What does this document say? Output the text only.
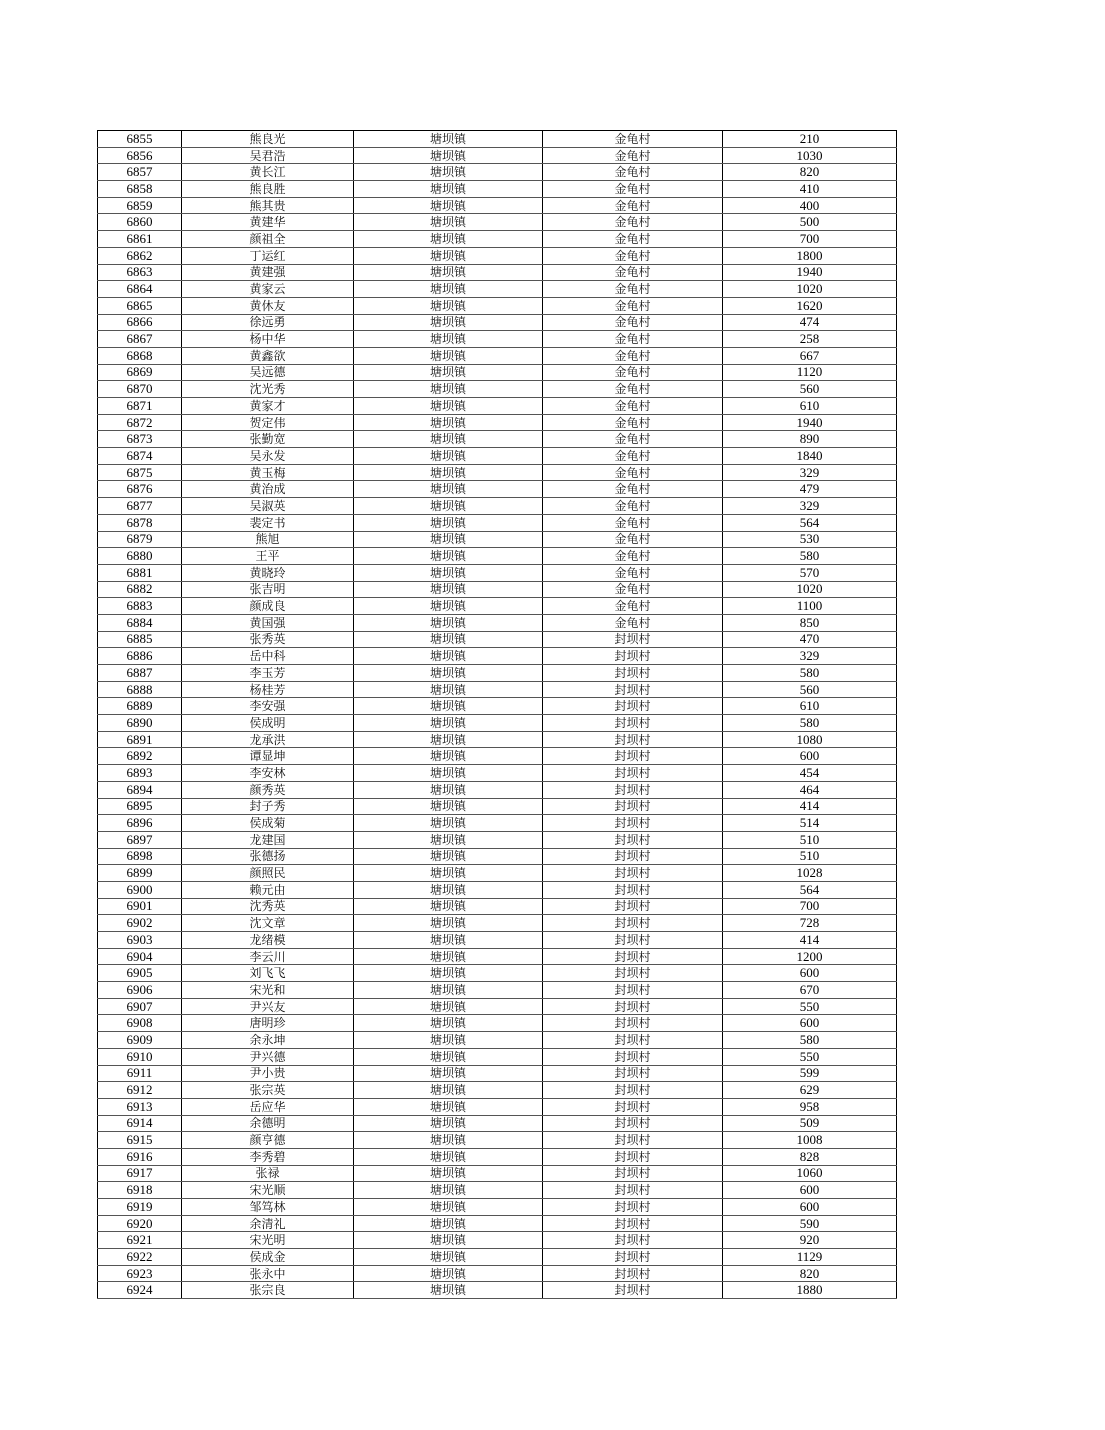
6855	熊良光	塘坝镇	金龟村	210
6856	吴君浩	塘坝镇	金龟村	1030
6857	黄长江	塘坝镇	金龟村	820
6858	熊良胜	塘坝镇	金龟村	410
6859	熊其贵	塘坝镇	金龟村	400
6860	黄建华	塘坝镇	金龟村	500
6861	颜祖全	塘坝镇	金龟村	700
6862	丁运红	塘坝镇	金龟村	1800
6863	黄建强	塘坝镇	金龟村	1940
6864	黄家云	塘坝镇	金龟村	1020
6865	黄休友	塘坝镇	金龟村	1620
6866	徐远勇	塘坝镇	金龟村	474
6867	杨中华	塘坝镇	金龟村	258
6868	黄鑫欲	塘坝镇	金龟村	667
6869	吴远德	塘坝镇	金龟村	1120
6870	沈光秀	塘坝镇	金龟村	560
6871	黄家才	塘坝镇	金龟村	610
6872	贺定伟	塘坝镇	金龟村	1940
6873	张勤宽	塘坝镇	金龟村	890
6874	吴永发	塘坝镇	金龟村	1840
6875	黄玉梅	塘坝镇	金龟村	329
6876	黄治成	塘坝镇	金龟村	479
6877	吴淑英	塘坝镇	金龟村	329
6878	裴定书	塘坝镇	金龟村	564
6879	熊旭	塘坝镇	金龟村	530
6880	王平	塘坝镇	金龟村	580
6881	黄晓玲	塘坝镇	金龟村	570
6882	张吉明	塘坝镇	金龟村	1020
6883	颜成良	塘坝镇	金龟村	1100
6884	黄国强	塘坝镇	金龟村	850
6885	张秀英	塘坝镇	封坝村	470
6886	岳中科	塘坝镇	封坝村	329
6887	李玉芳	塘坝镇	封坝村	580
6888	杨桂芳	塘坝镇	封坝村	560
6889	李安强	塘坝镇	封坝村	610
6890	侯成明	塘坝镇	封坝村	580
6891	龙承洪	塘坝镇	封坝村	1080
6892	谭显坤	塘坝镇	封坝村	600
6893	李安林	塘坝镇	封坝村	454
6894	颜秀英	塘坝镇	封坝村	464
6895	封子秀	塘坝镇	封坝村	414
6896	侯成菊	塘坝镇	封坝村	514
6897	龙建国	塘坝镇	封坝村	510
6898	张德扬	塘坝镇	封坝村	510
6899	颜照民	塘坝镇	封坝村	1028
6900	赖元由	塘坝镇	封坝村	564
6901	沈秀英	塘坝镇	封坝村	700
6902	沈文章	塘坝镇	封坝村	728
6903	龙绪模	塘坝镇	封坝村	414
6904	李云川	塘坝镇	封坝村	1200
6905	刘飞飞	塘坝镇	封坝村	600
6906	宋光和	塘坝镇	封坝村	670
6907	尹兴友	塘坝镇	封坝村	550
6908	唐明珍	塘坝镇	封坝村	600
6909	余永坤	塘坝镇	封坝村	580
6910	尹兴德	塘坝镇	封坝村	550
6911	尹小贵	塘坝镇	封坝村	599
6912	张宗英	塘坝镇	封坝村	629
6913	岳应华	塘坝镇	封坝村	958
6914	余德明	塘坝镇	封坝村	509
6915	颜亨德	塘坝镇	封坝村	1008
6916	李秀碧	塘坝镇	封坝村	828
6917	张禄	塘坝镇	封坝村	1060
6918	宋光顺	塘坝镇	封坝村	600
6919	邹笃林	塘坝镇	封坝村	600
6920	余清礼	塘坝镇	封坝村	590
6921	宋光明	塘坝镇	封坝村	920
6922	侯成金	塘坝镇	封坝村	1129
6923	张永中	塘坝镇	封坝村	820
6924	张宗良	塘坝镇	封坝村	1880
